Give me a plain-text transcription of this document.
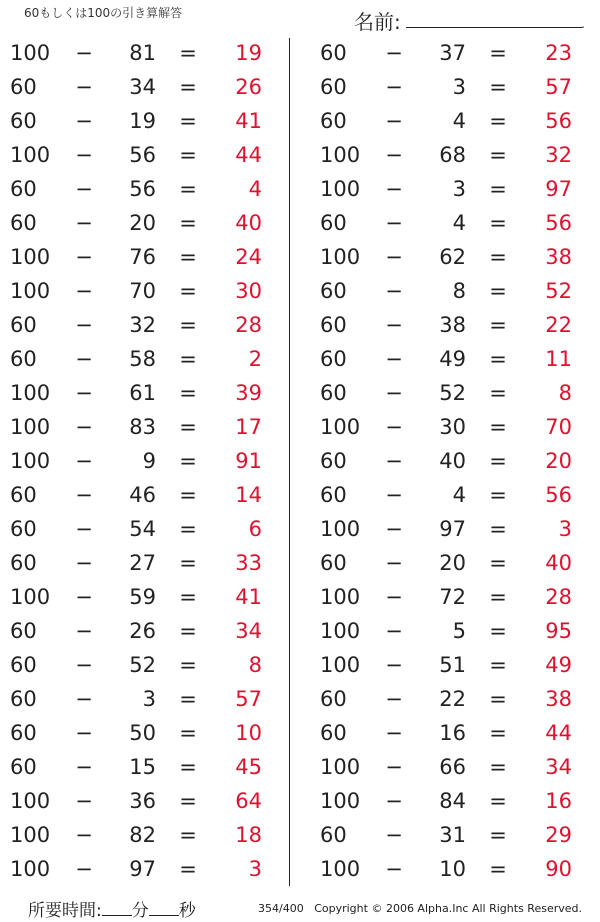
60もしくは100の引き算解答	名前:	.
100 −	81 =	19
60	−	34 =	26
60	−	19 =	41
100 −	56 =	44
60	−	56 =	4
60	−	20 =	40
100 −	76 =	24
100 −	70 =	30
60	−	32 =	28
60	−	58 =	2
100 −	61 =	39
100 −	83 =	17
100 −	9 =	91
60	−	46 =	14
60	−	54 =	6
60	−	27 =	33
100 −	59 =	41
60	−	26 =	34
60	−	52 =	8
60	−	3 =	57
60	−	50 =	10
60	−	15 =	45
100 −	36 =	64
100 −	82 =	18
100 −	97 =	3
60	−	37 =	23
60	−	3 =	57
60	−	4 =	56
100 −	68 =	32
100 −	3 =	97
60	−	4 =	56
100 −	62 =	38
60	−	8 =	52
60	−	38 =	22
60	−	49 =	11
60	−	52 =	8
100 −	30 =	70
60	−	40 =	20
60	−	4 =	56
100 −	97 =	3
60	−	20 =	40
100 −	72 =	28
100 −	5 =	95
100 −	51 =	49
60	−	22 =	38
60	−	16 =	44
100 −	66 =	34
100 −	84 =	16
60	−	31 =	29
100 −	10 =	90
所要時間: 分 秒	354/400 Copyright © 2006 Alpha.Inc All Rights Reserved.
